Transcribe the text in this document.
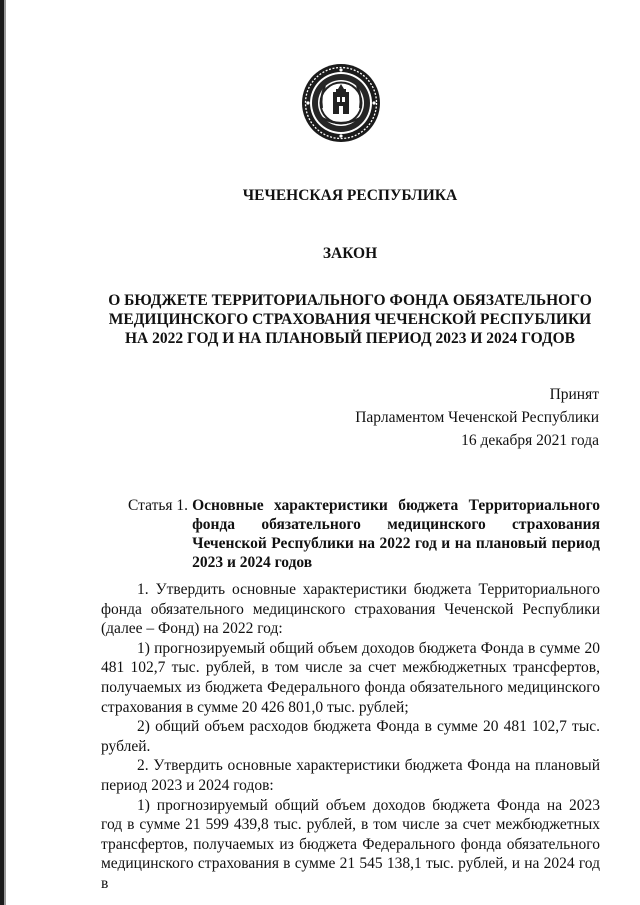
ЧЕЧЕНСКАЯ РЕСПУБЛИКА
ЗАКОН
О БЮДЖЕТЕ ТЕРРИТОРИАЛЬНОГО ФОНДА ОБЯЗАТЕЛЬНОГО
МЕДИЦИНСКОГО СТРАХОВАНИЯ ЧЕЧЕНСКОЙ РЕСПУБЛИКИ
НА 2022 ГОД И НА ПЛАНОВЫЙ ПЕРИОД 2023 И 2024 ГОДОВ
Принят
Парламентом Чеченской Республики
16 декабря 2021 года
Статья 1. Основные характеристики бюджета Территориального фонда обязательного медицинского страхования Чеченской Республики на 2022 год и на плановый период 2023 и 2024 годов

1. Утвердить основные характеристики бюджета Территориального фонда обязательного медицинского страхования Чеченской Республики (далее – Фонд) на 2022 год:

1) прогнозируемый общий объем доходов бюджета Фонда в сумме 20 481 102,7 тыс. рублей, в том числе за счет межбюджетных трансфертов, получаемых из бюджета Федерального фонда обязательного медицинского страхования в сумме 20 426 801,0 тыс. рублей;

2) общий объем расходов бюджета Фонда в сумме 20 481 102,7 тыс. рублей.

2. Утвердить основные характеристики бюджета Фонда на плановый период 2023 и 2024 годов:

1) прогнозируемый общий объем доходов бюджета Фонда на 2023 год в сумме 21 599 439,8 тыс. рублей, в том числе за счет межбюджетных трансфертов, получаемых из бюджета Федерального фонда обязательного медицинского страхования в сумме 21 545 138,1 тыс. рублей, и на 2024 год в
